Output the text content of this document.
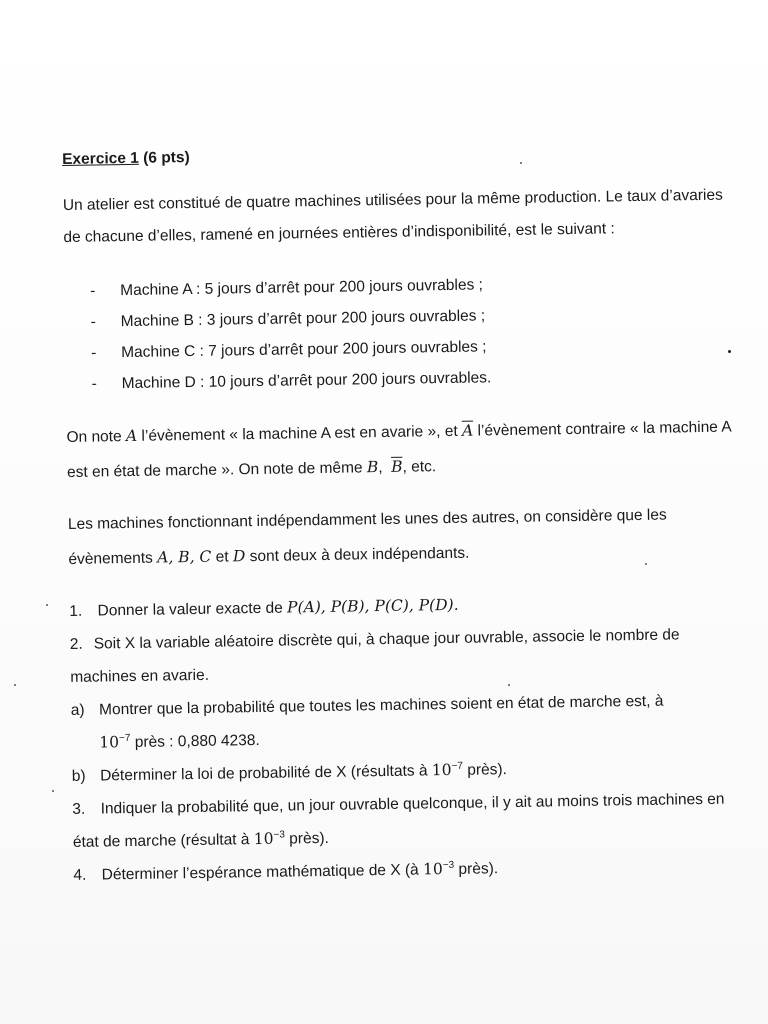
Exercice 1 (6 pts)

Un atelier est constitué de quatre machines utilisées pour la même production. Le taux d’avaries de chacune d’elles, ramené en journées entières d’indisponibilité, est le suivant :

- Machine A : 5 jours d’arrêt pour 200 jours ouvrables ;
- Machine B : 3 jours d’arrêt pour 200 jours ouvrables ;
- Machine C : 7 jours d’arrêt pour 200 jours ouvrables ;
- Machine D : 10 jours d’arrêt pour 200 jours ouvrables.

On note A l’évènement « la machine A est en avarie », et $\overline{A}$ l’évènement contraire « la machine A est en état de marche ». On note de même B,  $\overline{B}$, etc.

Les machines fonctionnant indépendamment les unes des autres, on considère que les évènements A, B, C et D sont deux à deux indépendants.

1. Donner la valeur exacte de P(A), P(B), P(C), P(D).
2. Soit X la variable aléatoire discrète qui, à chaque jour ouvrable, associe le nombre de machines en avarie.
a) Montrer que la probabilité que toutes les machines soient en état de marche est, à
$10^{-7}$ près : 0,880 4238.
b) Déterminer la loi de probabilité de X (résultats à $10^{-7}$ près).
3. Indiquer la probabilité que, un jour ouvrable quelconque, il y ait au moins trois machines en état de marche (résultat à $10^{-3}$ près).
4. Déterminer l’espérance mathématique de X (à $10^{-3}$ près).
